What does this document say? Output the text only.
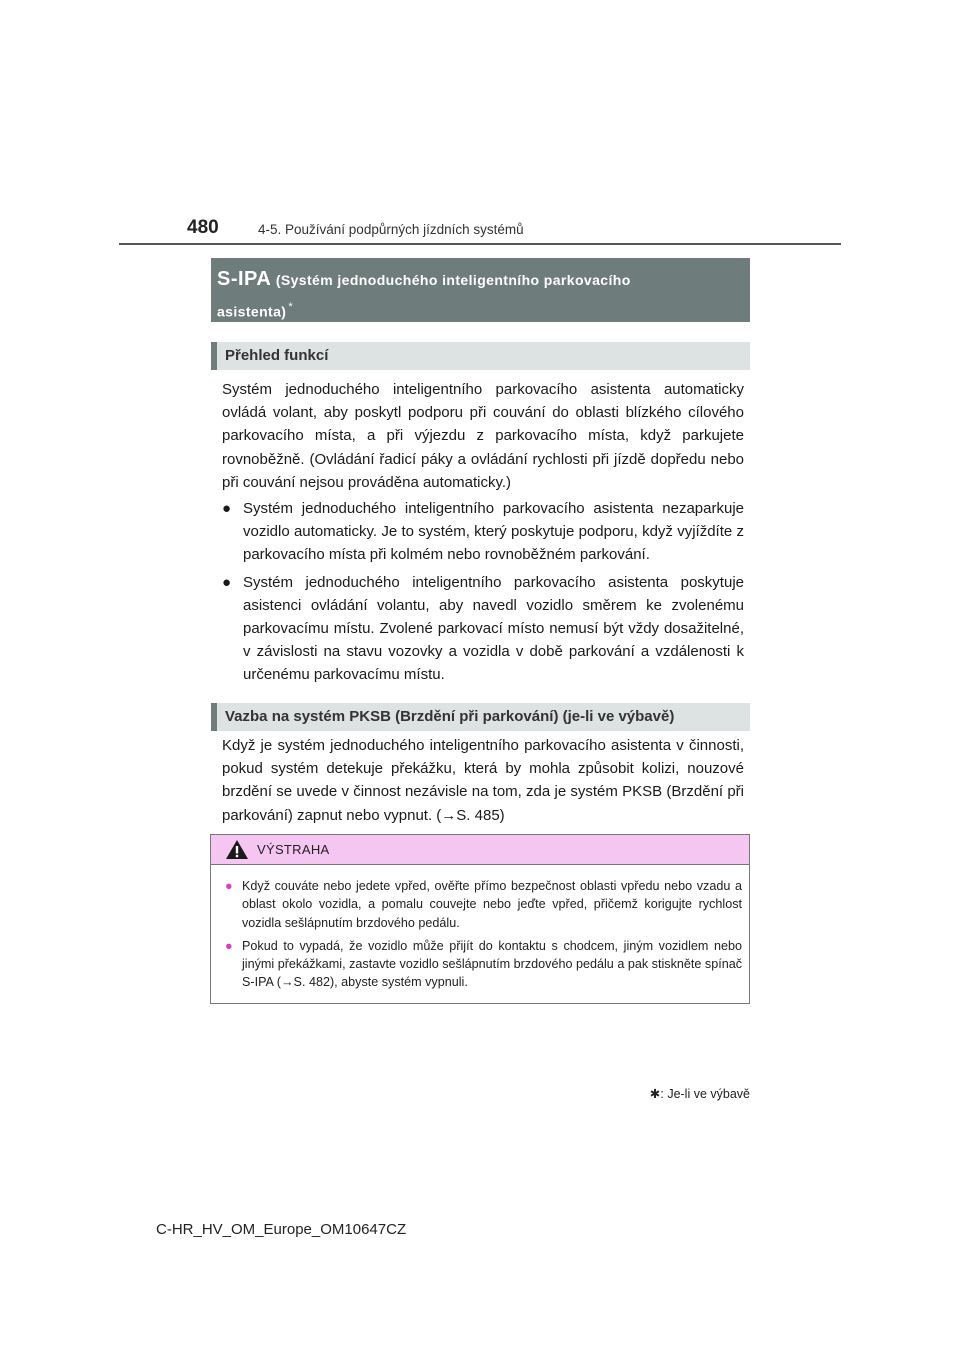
480	4-5. Používání podpůrných jízdních systémů
S-IPA (Systém jednoduchého inteligentního parkovacího
asistenta) *
Přehled funkcí
Systém jednoduchého inteligentního parkovacího asistenta automaticky ovládá volant, aby poskytl podporu při couvání do oblasti blízkého cílového parkovacího místa, a při výjezdu z parkovacího místa, když parkujete rovnoběžně. (Ovládání řadicí páky a ovládání rychlosti při jízdě dopředu nebo při couvání nejsou prováděna automaticky.)
● Systém jednoduchého inteligentního parkovacího asistenta nezaparkuje vozidlo automaticky. Je to systém, který poskytuje podporu, když vyjíždíte z parkovacího místa při kolmém nebo rovnoběžném parkování.
● Systém jednoduchého inteligentního parkovacího asistenta poskytuje asistenci ovládání volantu, aby navedl vozidlo směrem ke zvolenému parkovacímu místu. Zvolené parkovací místo nemusí být vždy dosažitelné, v závislosti na stavu vozovky a vozidla v době parkování a vzdálenosti k určenému parkovacímu místu.
Vazba na systém PKSB (Brzdění při parkování) (je-li ve výbavě)
Když je systém jednoduchého inteligentního parkovacího asistenta v činnosti, pokud systém detekuje překážku, která by mohla způsobit kolizi, nouzové brzdění se uvede v činnost nezávisle na tom, zda je systém PKSB (Brzdění při parkování) zapnut nebo vypnut. (→S. 485)
VÝSTRAHA
● Když couváte nebo jedete vpřed, ověřte přímo bezpečnost oblasti vpředu nebo vzadu a oblast okolo vozidla, a pomalu couvejte nebo jeďte vpřed, přičemž korigujte rychlost vozidla sešlápnutím brzdového pedálu.
● Pokud to vypadá, že vozidlo může přijít do kontaktu s chodcem, jiným vozidlem nebo jinými překážkami, zastavte vozidlo sešlápnutím brzdového pedálu a pak stiskněte spínač S-IPA (→S. 482), abyste systém vypnuli.
✱: Je-li ve výbavě
C-HR_HV_OM_Europe_OM10647CZ
